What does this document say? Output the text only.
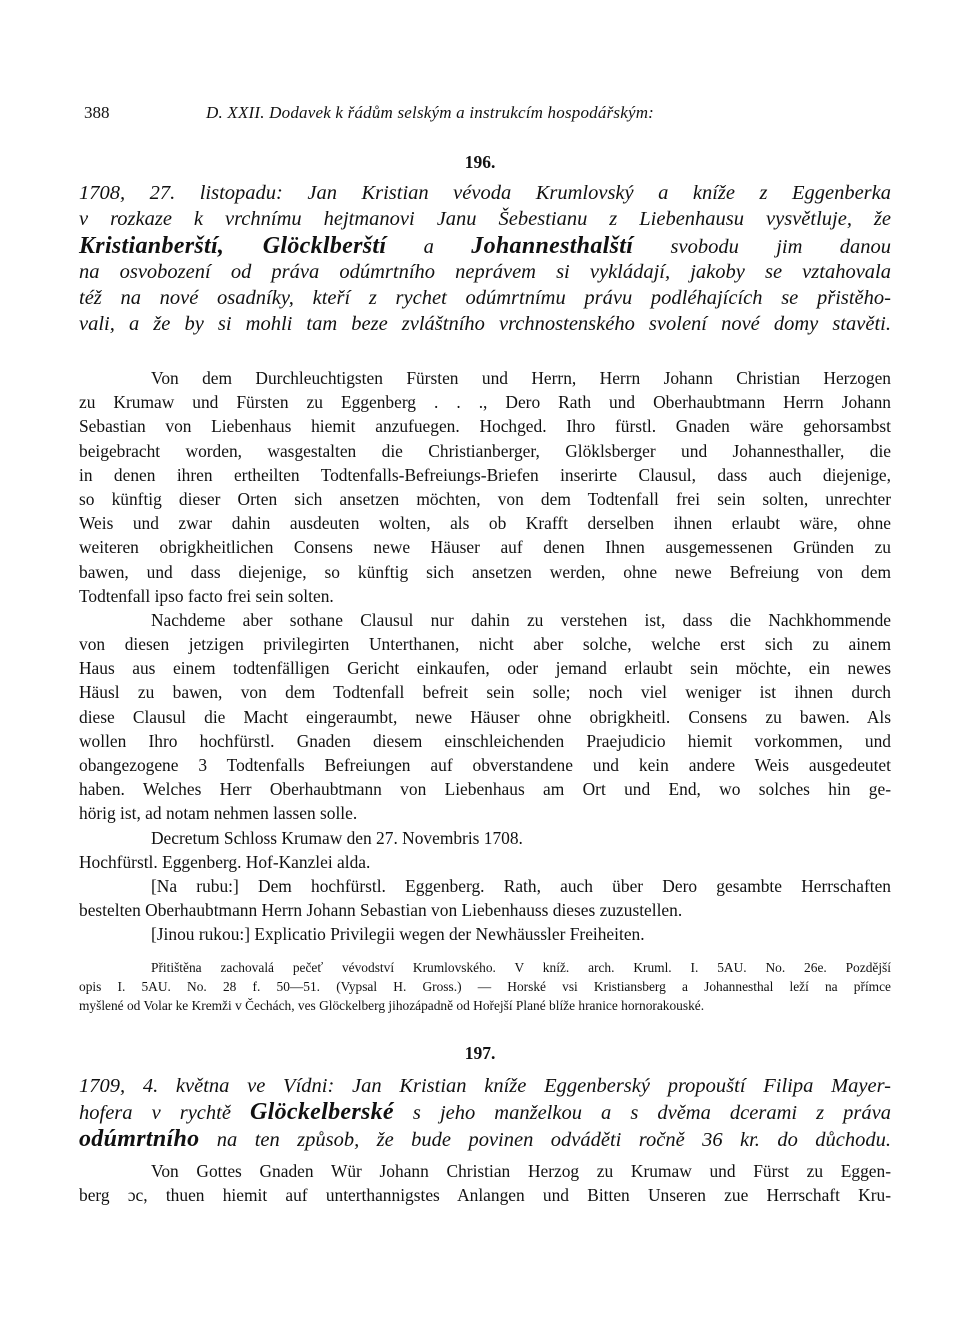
388	D. XXII. Dodavek k řádům selským a instrukcím hospodářským:
196.
1708, 27. listopadu: Jan Kristian vévoda Krumlovský a kníže z Eggenberka
v rozkaze k vrchnímu hejtmanovi Janu Šebestianu z Liebenhausu vysvětluje, že
Kristianberští, Glöcklberští a Johannesthalští svobodu jim danou
na osvobození od práva odúmrtního neprávem si vykládají, jakoby se vztahovala
též na nové osadníky, kteří z rychet odúmrtnímu právu podléhajících se přistěho-
vali, a že by si mohli tam beze zvláštního vrchnostenského svolení nové domy stavěti.
Von dem Durchleuchtigsten Fürsten und Herrn, Herrn Johann Christian Herzogen
zu Krumaw und Fürsten zu Eggenberg . . ., Dero Rath und Oberhaubtmann Herrn Johann
Sebastian von Liebenhaus hiemit anzufuegen. Hochged. Ihro fürstl. Gnaden wäre gehorsambst
beigebracht worden, wasgestalten die Christianberger, Glöklsberger und Johannesthaller, die
in denen ihren ertheilten Todtenfalls-Befreiungs-Briefen inserirte Clausul, dass auch diejenige,
so künftig dieser Orten sich ansetzen möchten, von dem Todtenfall frei sein solten, unrechter
Weis und zwar dahin ausdeuten wolten, als ob Krafft derselben ihnen erlaubt wäre, ohne
weiteren obrigkheitlichen Consens newe Häuser auf denen Ihnen ausgemessenen Gründen zu
bawen, und dass diejenige, so künftig sich ansetzen werden, ohne newe Befreiung von dem
Todtenfall ipso facto frei sein solten.
Nachdeme aber sothane Clausul nur dahin zu verstehen ist, dass die Nachkhommende
von diesen jetzigen privilegirten Unterthanen, nicht aber solche, welche erst sich zu ainem
Haus aus einem todtenfälligen Gericht einkaufen, oder jemand erlaubt sein möchte, ein newes
Häusl zu bawen, von dem Todtenfall befreit sein solle; noch viel weniger ist ihnen durch
diese Clausul die Macht eingeraumbt, newe Häuser ohne obrigkheitl. Consens zu bawen. Als
wollen Ihro hochfürstl. Gnaden diesem einschleichenden Praejudicio hiemit vorkommen, und
obangezogene 3 Todtenfalls Befreiungen auf obverstandene und kein andere Weis ausgedeutet
haben. Welches Herr Oberhaubtmann von Liebenhaus am Ort und End, wo solches hin ge-
hörig ist, ad notam nehmen lassen solle.
Decretum Schloss Krumaw den 27. Novembris 1708.
Hochfürstl. Eggenberg. Hof-Kanzlei alda.
[Na rubu:] Dem hochfürstl. Eggenberg. Rath, auch über Dero gesambte Herrschaften
bestelten Oberhaubtmann Herrn Johann Sebastian von Liebenhauss dieses zuzustellen.
[Jinou rukou:] Explicatio Privilegii wegen der Newhäussler Freiheiten.
Přitištěna zachovalá pečeť vévodství Krumlovského. V kníž. arch. Kruml. I. 5AU. No. 26e. Pozdější
opis I. 5AU. No. 28 f. 50—51. (Vypsal H. Gross.) — Horské vsi Kristiansberg a Johannesthal leží na přímce
myšlené od Volar ke Kremži v Čechách, ves Glöckelberg jihozápadně od Hořejší Plané blíže hranice hornorakouské.
197.
1709, 4. května ve Vídni: Jan Kristian kníže Eggenberský propouští Filipa Mayer-
hofera v rychtě Glöckelberské s jeho manželkou a s dvěma dcerami z práva
odúmrtního na ten způsob, že bude povinen odváděti ročně 36 kr. do důchodu.
Von Gottes Gnaden Wür Johann Christian Herzog zu Krumaw und Fürst zu Eggen-
berg ɔc, thuen hiemit auf unterthannigstes Anlangen und Bitten Unseren zue Herrschaft Kru-
